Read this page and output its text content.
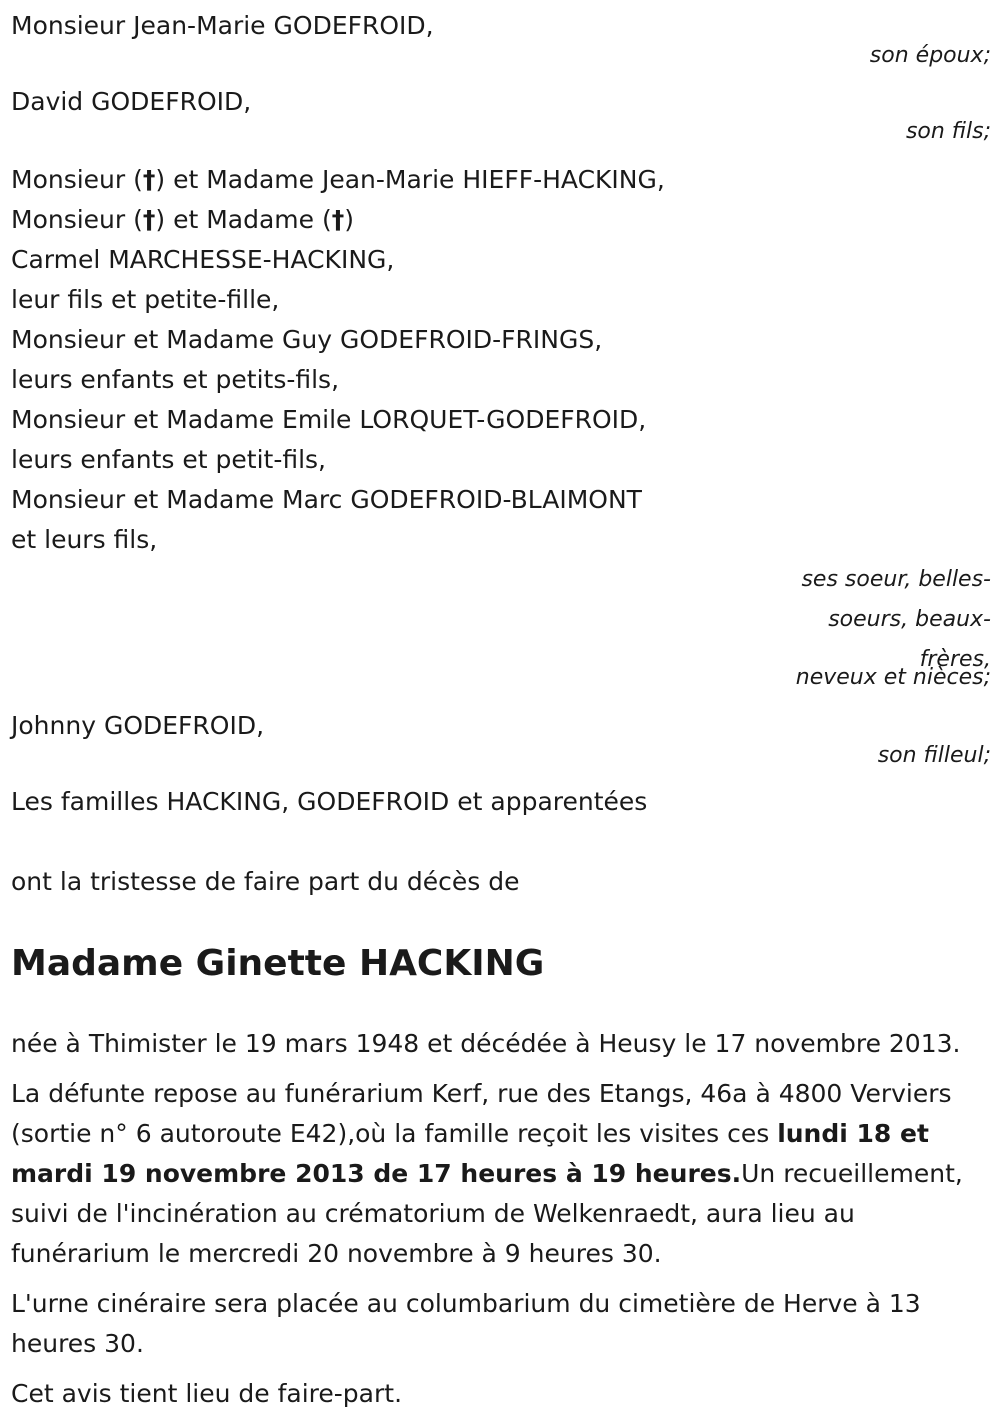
Monsieur Jean-Marie GODEFROID,

son époux;

David GODEFROID,

son fils;

Monsieur (†) et Madame Jean-Marie HIEFF-HACKING,

Monsieur (†) et Madame (†)

Carmel MARCHESSE-HACKING,

leur fils et petite-fille,

Monsieur et Madame Guy GODEFROID-FRINGS,

leurs enfants et petits-fils,

Monsieur et Madame Emile LORQUET-GODEFROID,

leurs enfants et petit-fils,

Monsieur et Madame Marc GODEFROID-BLAIMONT

et leurs fils,

ses soeur, belles-soeurs, beaux-frères,

neveux et nièces;

Johnny GODEFROID,

son filleul;

Les familles HACKING, GODEFROID et apparentées

ont la tristesse de faire part du décès de

Madame Ginette HACKING

née à Thimister le 19 mars 1948 et décédée à Heusy le 17 novembre 2013.

La défunte repose au funérarium Kerf, rue des Etangs, 46a à 4800 Verviers (sortie n° 6 autoroute E42),où la famille reçoit les visites ces lundi 18 et mardi 19 novembre 2013 de 17 heures à 19 heures.Un recueillement, suivi de l'incinération au crématorium de Welkenraedt, aura lieu au funérarium le mercredi 20 novembre à 9 heures 30.

L'urne cinéraire sera placée au columbarium du cimetière de Herve à 13 heures 30.

Cet avis tient lieu de faire-part.
